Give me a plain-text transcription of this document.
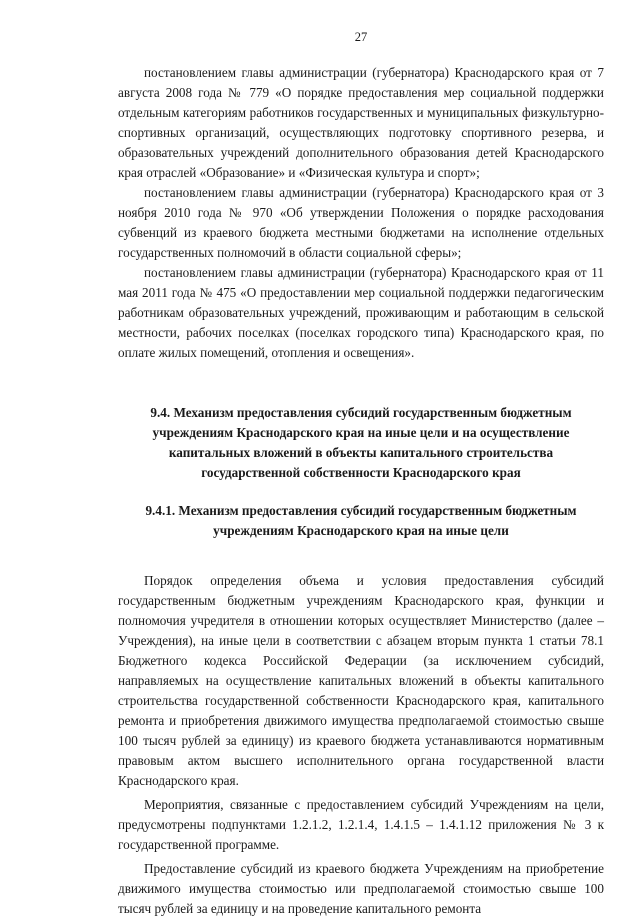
27

постановлением главы администрации (губернатора) Краснодарского края от 7 августа 2008 года № 779 «О порядке предоставления мер социальной поддержки отдельным категориям работников государственных и муниципальных физкультурно-спортивных организаций, осуществляющих подготовку спортивного резерва, и образовательных учреждений дополнительного образования детей Краснодарского края отраслей «Образование» и «Физическая культура и спорт»;

постановлением главы администрации (губернатора) Краснодарского края от 3 ноября 2010 года № 970 «Об утверждении Положения о порядке расходования субвенций из краевого бюджета местными бюджетами на исполнение отдельных государственных полномочий в области социальной сферы»;

постановлением главы администрации (губернатора) Краснодарского края от 11 мая 2011 года № 475 «О предоставлении мер социальной поддержки педагогическим работникам образовательных учреждений, проживающим и работающим в сельской местности, рабочих поселках (поселках городского типа) Краснодарского края, по оплате жилых помещений, отопления и освещения».

9.4. Механизм предоставления субсидий государственным бюджетным учреждениям Краснодарского края на иные цели и на осуществление капитальных вложений в объекты капитального строительства государственной собственности Краснодарского края

9.4.1. Механизм предоставления субсидий государственным бюджетным учреждениям Краснодарского края на иные цели

Порядок определения объема и условия предоставления субсидий государственным бюджетным учреждениям Краснодарского края, функции и полномочия учредителя в отношении которых осуществляет Министерство (далее – Учреждения), на иные цели в соответствии с абзацем вторым пункта 1 статьи 78.1 Бюджетного кодекса Российской Федерации (за исключением субсидий, направляемых на осуществление капитальных вложений в объекты капитального строительства государственной собственности Краснодарского края, капитального ремонта и приобретения движимого имущества предполагаемой стоимостью свыше 100 тысяч рублей за единицу) из краевого бюджета устанавливаются нормативным правовым актом высшего исполнительного органа государственной власти Краснодарского края.

Мероприятия, связанные с предоставлением субсидий Учреждениям на цели, предусмотрены подпунктами 1.2.1.2, 1.2.1.4, 1.4.1.5 – 1.4.1.12 приложения № 3 к государственной программе.

Предоставление субсидий из краевого бюджета Учреждениям на приобретение движимого имущества стоимостью или предполагаемой стоимостью свыше 100 тысяч рублей за единицу и на проведение капитального ремонта
